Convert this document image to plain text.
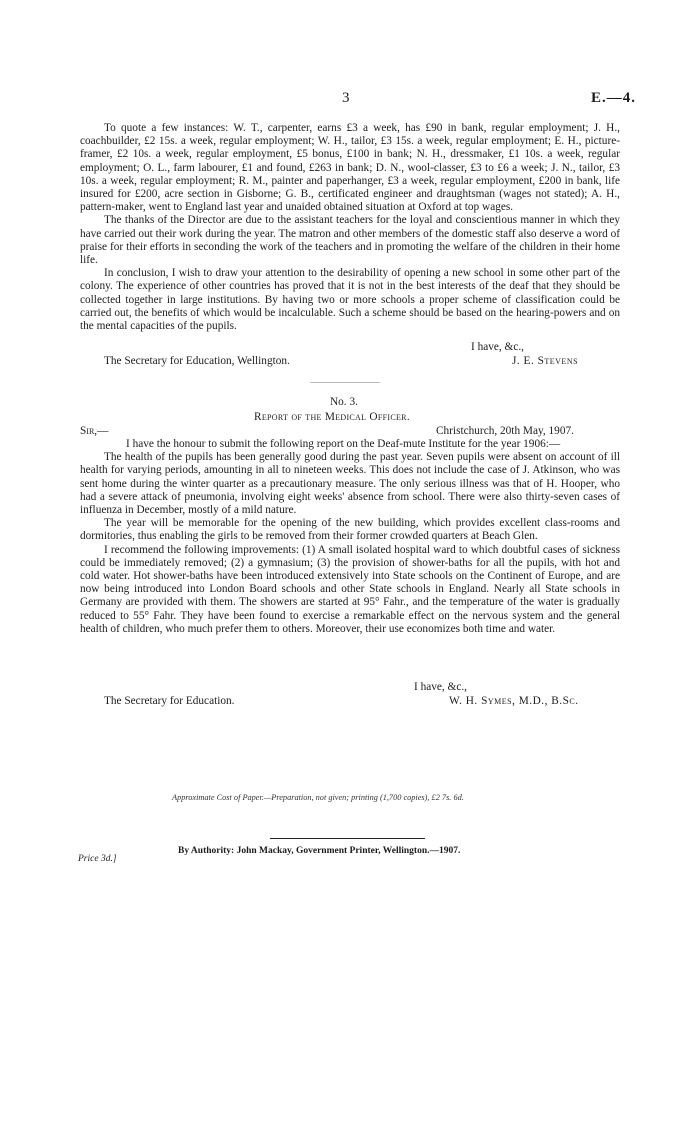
3	E.—4.

To quote a few instances: W. T., carpenter, earns £3 a week, has £90 in bank, regular employment; J. H., coachbuilder, £2 15s. a week, regular employment; W. H., tailor, £3 15s. a week, regular employment; E. H., picture-framer, £2 10s. a week, regular employment, £5 bonus, £100 in bank; N. H., dressmaker, £1 10s. a week, regular employment; O. L., farm labourer, £1 and found, £263 in bank; D. N., wool-classer, £3 to £6 a week; J. N., tailor, £3 10s. a week, regular employment; R. M., painter and paperhanger, £3 a week, regular employment, £200 in bank, life insured for £200, acre section in Gisborne; G. B., certificated engineer and draughtsman (wages not stated); A. H., pattern-maker, went to England last year and unaided obtained situation at Oxford at top wages.

The thanks of the Director are due to the assistant teachers for the loyal and conscientious manner in which they have carried out their work during the year. The matron and other members of the domestic staff also deserve a word of praise for their efforts in seconding the work of the teachers and in promoting the welfare of the children in their home life.

In conclusion, I wish to draw your attention to the desirability of opening a new school in some other part of the colony. The experience of other countries has proved that it is not in the best interests of the deaf that they should be collected together in large institutions. By having two or more schools a proper scheme of classification could be carried out, the benefits of which would be incalculable. Such a scheme should be based on the hearing-powers and on the mental capacities of the pupils.

I have, &c.,
The Secretary for Education, Wellington.	J. E. Stevens
No. 3.
Report of the Medical Officer.
Sir,—	Christchurch, 20th May, 1907.

I have the honour to submit the following report on the Deaf-mute Institute for the year 1906:—

The health of the pupils has been generally good during the past year. Seven pupils were absent on account of ill health for varying periods, amounting in all to nineteen weeks. This does not include the case of J. Atkinson, who was sent home during the winter quarter as a precautionary measure. The only serious illness was that of H. Hooper, who had a severe attack of pneumonia, involving eight weeks' absence from school. There were also thirty-seven cases of influenza in December, mostly of a mild nature.

The year will be memorable for the opening of the new building, which provides excellent class-rooms and dormitories, thus enabling the girls to be removed from their former crowded quarters at Beach Glen.

I recommend the following improvements: (1) A small isolated hospital ward to which doubtful cases of sickness could be immediately removed; (2) a gymnasium; (3) the provision of shower-baths for all the pupils, with hot and cold water. Hot shower-baths have been introduced extensively into State schools on the Continent of Europe, and are now being introduced into London Board schools and other State schools in England. Nearly all State schools in Germany are provided with them. The showers are started at 95° Fahr., and the temperature of the water is gradually reduced to 55° Fahr. They have been found to exercise a remarkable effect on the nervous system and the general health of children, who much prefer them to others. Moreover, their use economizes both time and water.

I have, &c.,
The Secretary for Education.	W. H. Symes, M.D., B.Sc.
Approximate Cost of Paper.—Preparation, not given; printing (1,700 copies), £2 7s. 6d.
By Authority: John Mackay, Government Printer, Wellington.—1907.
Price 3d.]
